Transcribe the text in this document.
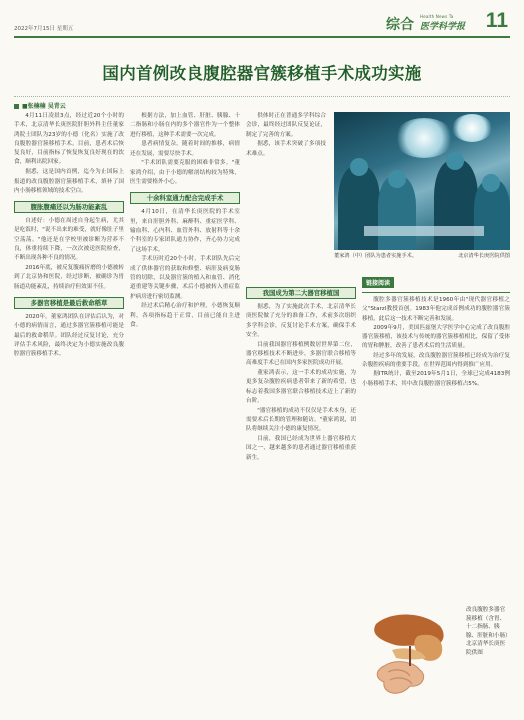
2022年7月15日 星期五	综合
Health News Ta
医学科学报 11
国内首例改良腹腔器官簇移植手术成功实施
■张楠楠 吴青云

4月11日凌晨3点，经过近20个小时的手术，北京清华长庚医院肝胆外科主任董家鸿院士团队为23岁的小德（化名）实施了改良腹腔器官簇移植手术。目前，患者术后恢复良好，目前指标了恢复恢复良好现在的饮食，顺利出院回家。

据悉，这是国内首例，迄今为止国际上报道的改良腹腔器官簇移植手术，填补了国内小肠移植领域的技术空白。

腹胀腹痛还以为肠功能紊乱

自述好：小德在周述自身起生病，尤其是吃饭时，"说不出来的难受，就好像肚子里空荡荡。"他还是在学校里被诊断为营养不良，体重持续下降，一次次被送医院检查，不断出现各种不良的情况。

2016年底，被反复腹痛折磨的小德被转到了北京协和医院，经过诊断，被确诊为胃肠道功能紊乱，持续治疗但效果不佳。

多器官移植是最后救命稻草

2020年，董家鸿团队在评估后认为，对小德的病情而言，通过多器官簇移植可能是最后的救命稻草。团队经过反复讨论，充分评估手术风险，最终决定为小德实施改良腹腔器官簇移植手术。

根据方法，加上血管、肝脏、胰腺、十二指肠和小肠在内的多个器官作为一个整体进行移植，这种手术需要一次完成。

患者病情复杂，随着时间的推移，病情还在发展，需要尽快手术。

"手术团队需要克服的困难非常多。"董家鸿介绍，由于小德的解剖结构较为特殊，医生需要格外小心。

十余科室通力配合完成手术

4月10日，在清华长庚医院的手术室里，来自肝胆外科、麻醉科、重症医学科、输血科、心内科、血管外科、放射科等十余个科室的专家团队通力协作，齐心协力完成了这场手术。

手术历时近20个小时，手术团队先后完成了供体器官的获取和修整、病肝及病变肠管的切除，以及器官簇的植入和血管、消化道重建等关键步骤，术后小德被转入重症监护病房进行密切监测。

经过术后精心治疗和护理，小德恢复顺利，各项指标趋于正常，目前已能自主进食。

供体时正在普通多学科综合会诊，最终经过团队反复论证，制定了完善的方案。

据悉，该手术突破了多项技术难点。

董家鸿（中）团队为患者实施手术。	北京清华长庚医院供图
我国成为第二大器官移植国

据悉，为了实施此次手术，北京清华长庚医院做了充分的准备工作，术前多次组织多学科会诊，反复讨论手术方案，确保手术安全。

目前我国器官移植例数居世界第二位，器官移植技术不断进步，多器官联合移植等高难度手术已在国内多家医院成功开展。

董家鸿表示，这一手术的成功实施，为更多复杂腹腔疾病患者带来了新的希望，也标志着我国多器官联合移植技术迈上了新的台阶。

"器官移植的成功不仅仅是手术本身，还需要术后长期的管理和随访。"董家鸿说，团队将继续关注小德的康复情况。

目前，我国已经成为世界上器官移植大国之一，越来越多的患者通过器官移植重获新生。

链接阅读

腹腔多器官簇移植技术是1960年由"现代器官移植之父"Starzl教授首创。1983年他完成首例成功的腹腔器官簇移植，此后这一技术不断完善和发展。

2009年9月，美国匹兹堡大学医学中心完成了改良腹腔器官簇移植，该技术与传统的器官簇移植相比，保留了受体的胃和脾脏，改善了患者术后的生活质量。

经过多年的发展，改良腹腔器官簇移植已经成为治疗复杂腹腔疾病的重要手段，在世界范围内得到推广应用。

据ITR统计，截至2019年5月1日，全球已完成4183例小肠移植手术，其中改良腹腔器官簇移植占5%。

改良腹腔多器官簇移植（含胃、十二指肠、胰腺、肝脏和小肠）
北京清华长庚医院供图
